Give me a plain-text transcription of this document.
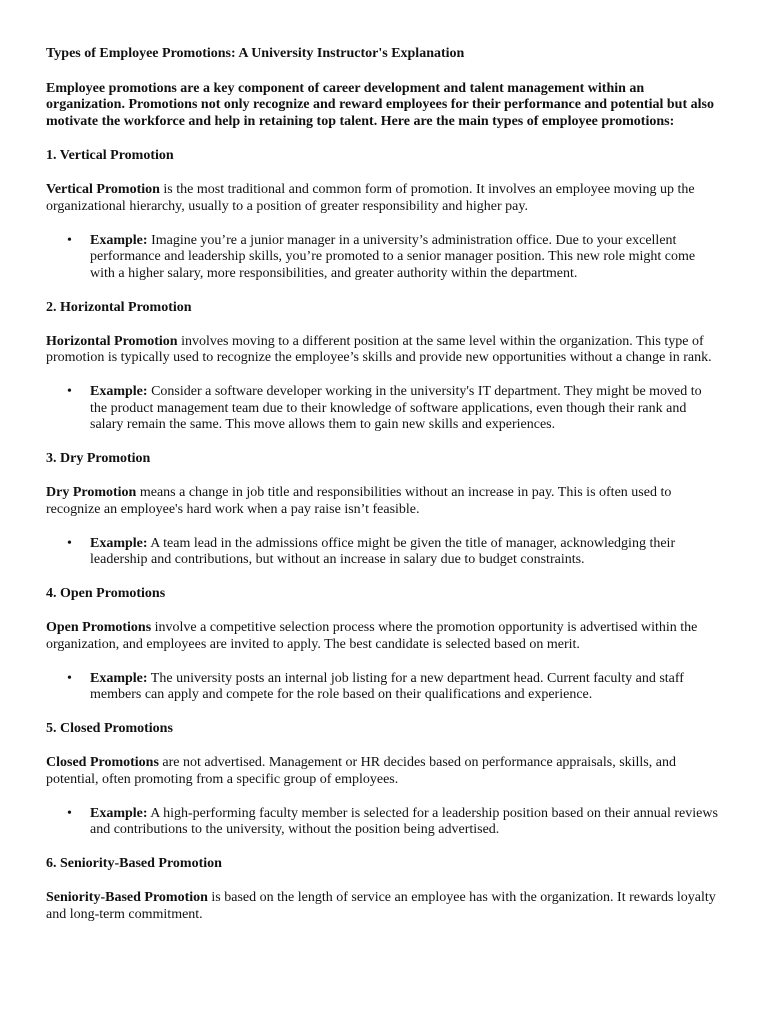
Types of Employee Promotions: A University Instructor's Explanation

Employee promotions are a key component of career development and talent management within an organization. Promotions not only recognize and reward employees for their performance and potential but also motivate the workforce and help in retaining top talent. Here are the main types of employee promotions:

1. Vertical Promotion

Vertical Promotion is the most traditional and common form of promotion. It involves an employee moving up the organizational hierarchy, usually to a position of greater responsibility and higher pay.

• Example: Imagine you’re a junior manager in a university’s administration office. Due to your excellent performance and leadership skills, you’re promoted to a senior manager position. This new role might come with a higher salary, more responsibilities, and greater authority within the department.

2. Horizontal Promotion

Horizontal Promotion involves moving to a different position at the same level within the organization. This type of promotion is typically used to recognize the employee’s skills and provide new opportunities without a change in rank.

• Example: Consider a software developer working in the university's IT department. They might be moved to the product management team due to their knowledge of software applications, even though their rank and salary remain the same. This move allows them to gain new skills and experiences.

3. Dry Promotion

Dry Promotion means a change in job title and responsibilities without an increase in pay. This is often used to recognize an employee's hard work when a pay raise isn’t feasible.

• Example: A team lead in the admissions office might be given the title of manager, acknowledging their leadership and contributions, but without an increase in salary due to budget constraints.

4. Open Promotions

Open Promotions involve a competitive selection process where the promotion opportunity is advertised within the organization, and employees are invited to apply. The best candidate is selected based on merit.

• Example: The university posts an internal job listing for a new department head. Current faculty and staff members can apply and compete for the role based on their qualifications and experience.

5. Closed Promotions

Closed Promotions are not advertised. Management or HR decides based on performance appraisals, skills, and potential, often promoting from a specific group of employees.

• Example: A high-performing faculty member is selected for a leadership position based on their annual reviews and contributions to the university, without the position being advertised.

6. Seniority-Based Promotion

Seniority-Based Promotion is based on the length of service an employee has with the organization. It rewards loyalty and long-term commitment.
